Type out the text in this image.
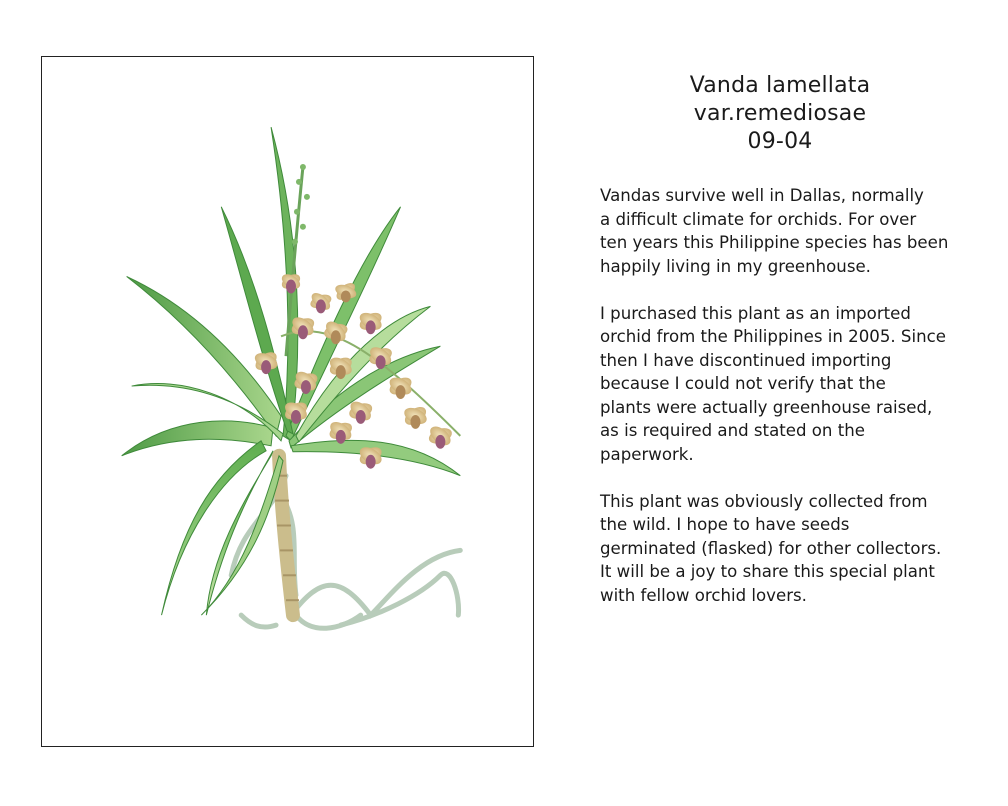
Vanda lamellata
var.remediosae
09-04

Vandas survive well in Dallas, normally
a difficult climate for orchids. For over
ten years this Philippine species has been
happily living in my greenhouse.

I purchased this plant as an imported
orchid from the Philippines in 2005. Since
then I have discontinued importing
because I could not verify that the
plants were actually greenhouse raised,
as is required and stated on the
paperwork.

This plant was obviously collected from
the wild. I hope to have seeds
germinated (flasked) for other collectors.
It will be a joy to share this special plant
with fellow orchid lovers.
